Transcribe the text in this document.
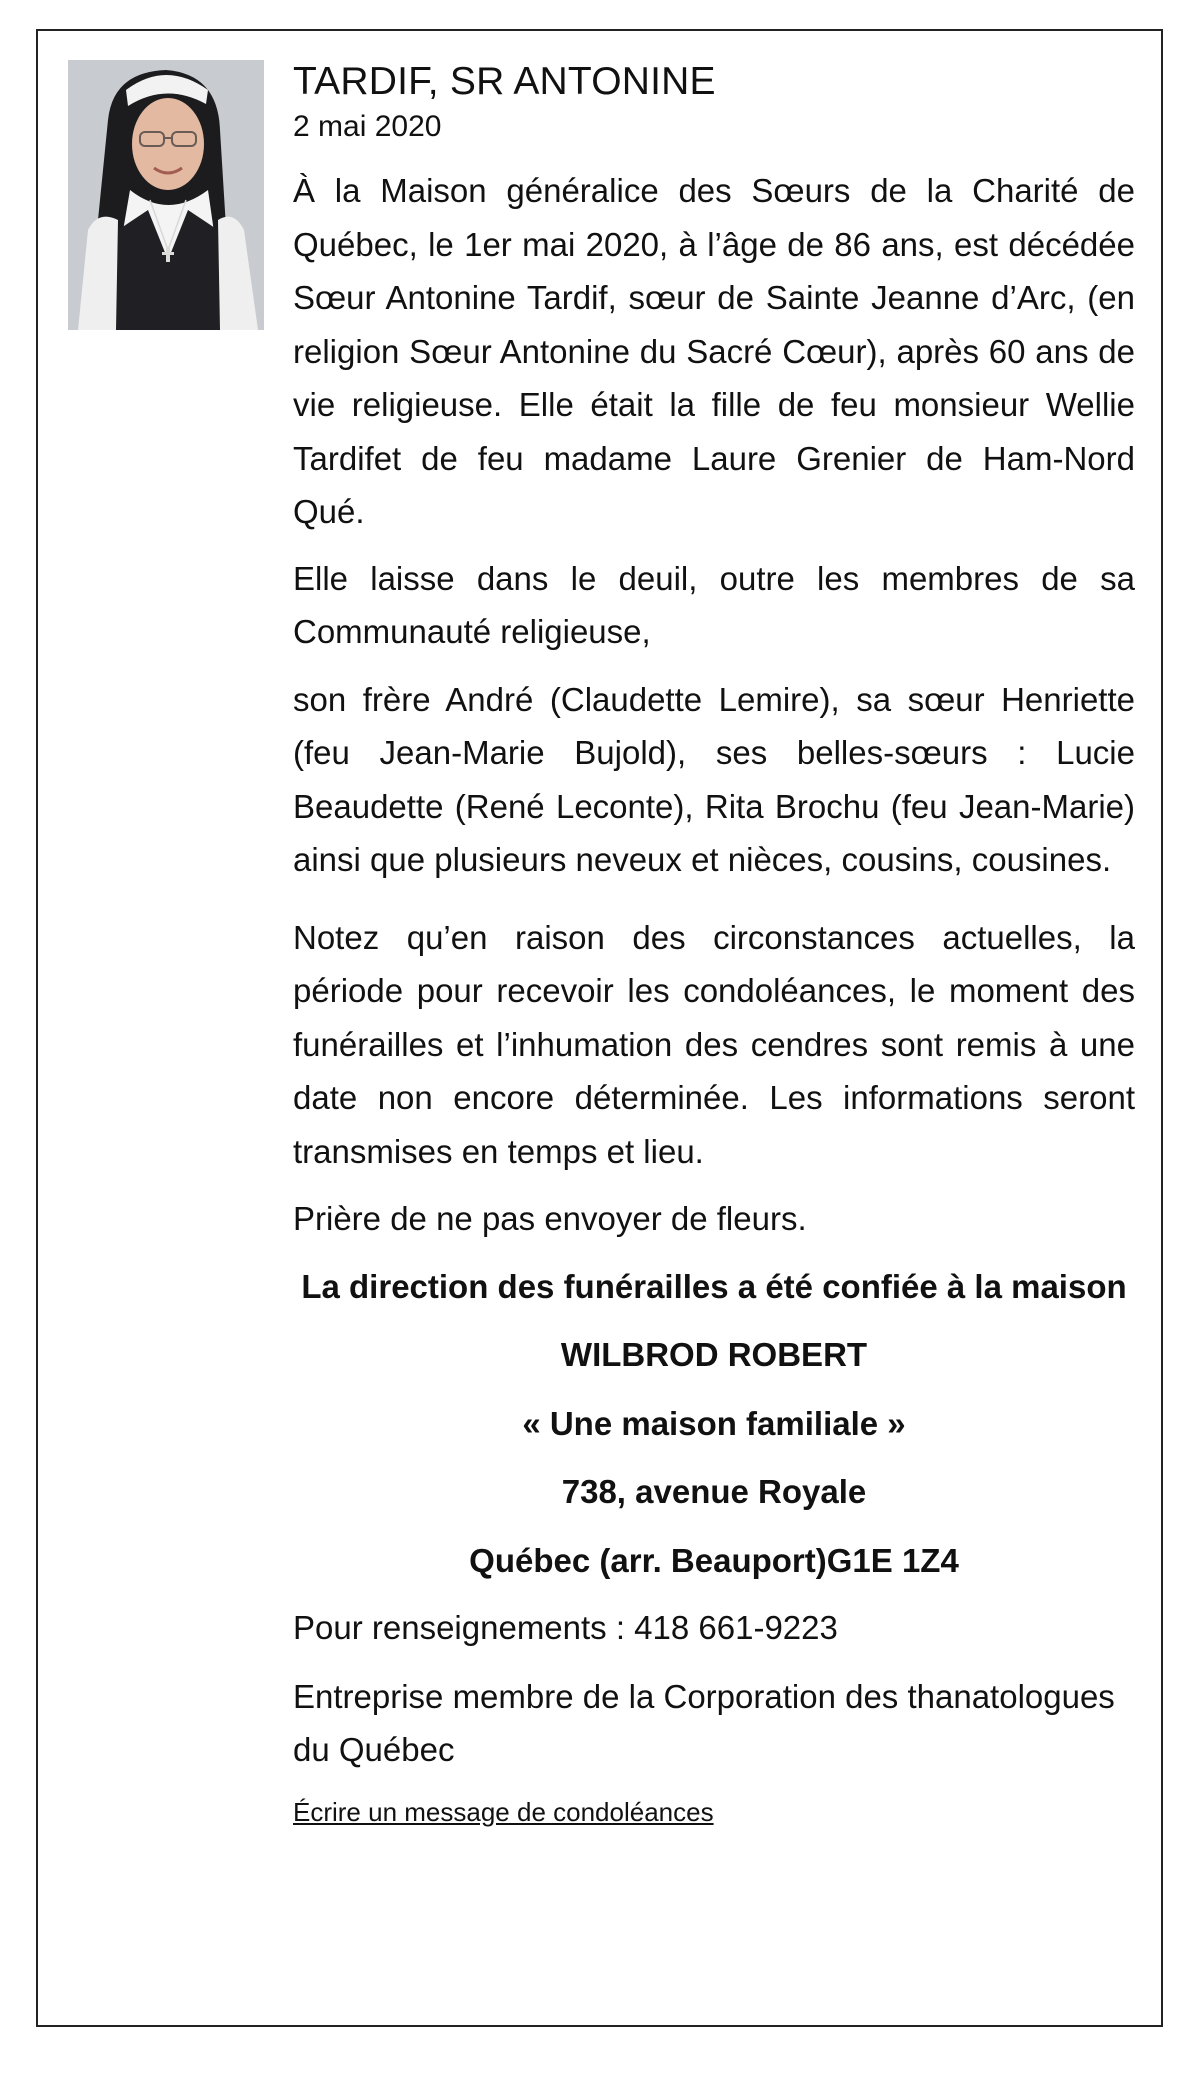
TARDIF, SR ANTONINE

2 mai 2020

À la Maison généralice des Sœurs de la Charité de Québec, le 1er mai 2020, à l’âge de 86 ans, est décédée Sœur Antonine Tardif, sœur de Sainte Jeanne d’Arc, (en religion Sœur Antonine du Sacré Cœur), après 60 ans de vie religieuse. Elle était la fille de feu monsieur Wellie Tardifet de feu madame Laure Grenier de Ham-Nord Qué.

Elle laisse dans le deuil, outre les membres de sa Communauté religieuse,

son frère André (Claudette Lemire), sa sœur Henriette (feu Jean-Marie Bujold), ses belles-sœurs : Lucie Beaudette (René Leconte), Rita Brochu (feu Jean-Marie) ainsi que plusieurs neveux et nièces, cousins, cousines.

Notez qu’en raison des circonstances actuelles, la période pour recevoir les condoléances, le moment des funérailles et l’inhumation des cendres sont remis à une date non encore déterminée. Les informations seront transmises en temps et lieu.

Prière de ne pas envoyer de fleurs.

La direction des funérailles a été confiée à la maison

WILBROD ROBERT

« Une maison familiale »

738, avenue Royale

Québec (arr. Beauport)G1E 1Z4

Pour renseignements : 418 661-9223

Entreprise membre de la Corporation des thanatologues du Québec

Écrire un message de condoléances
